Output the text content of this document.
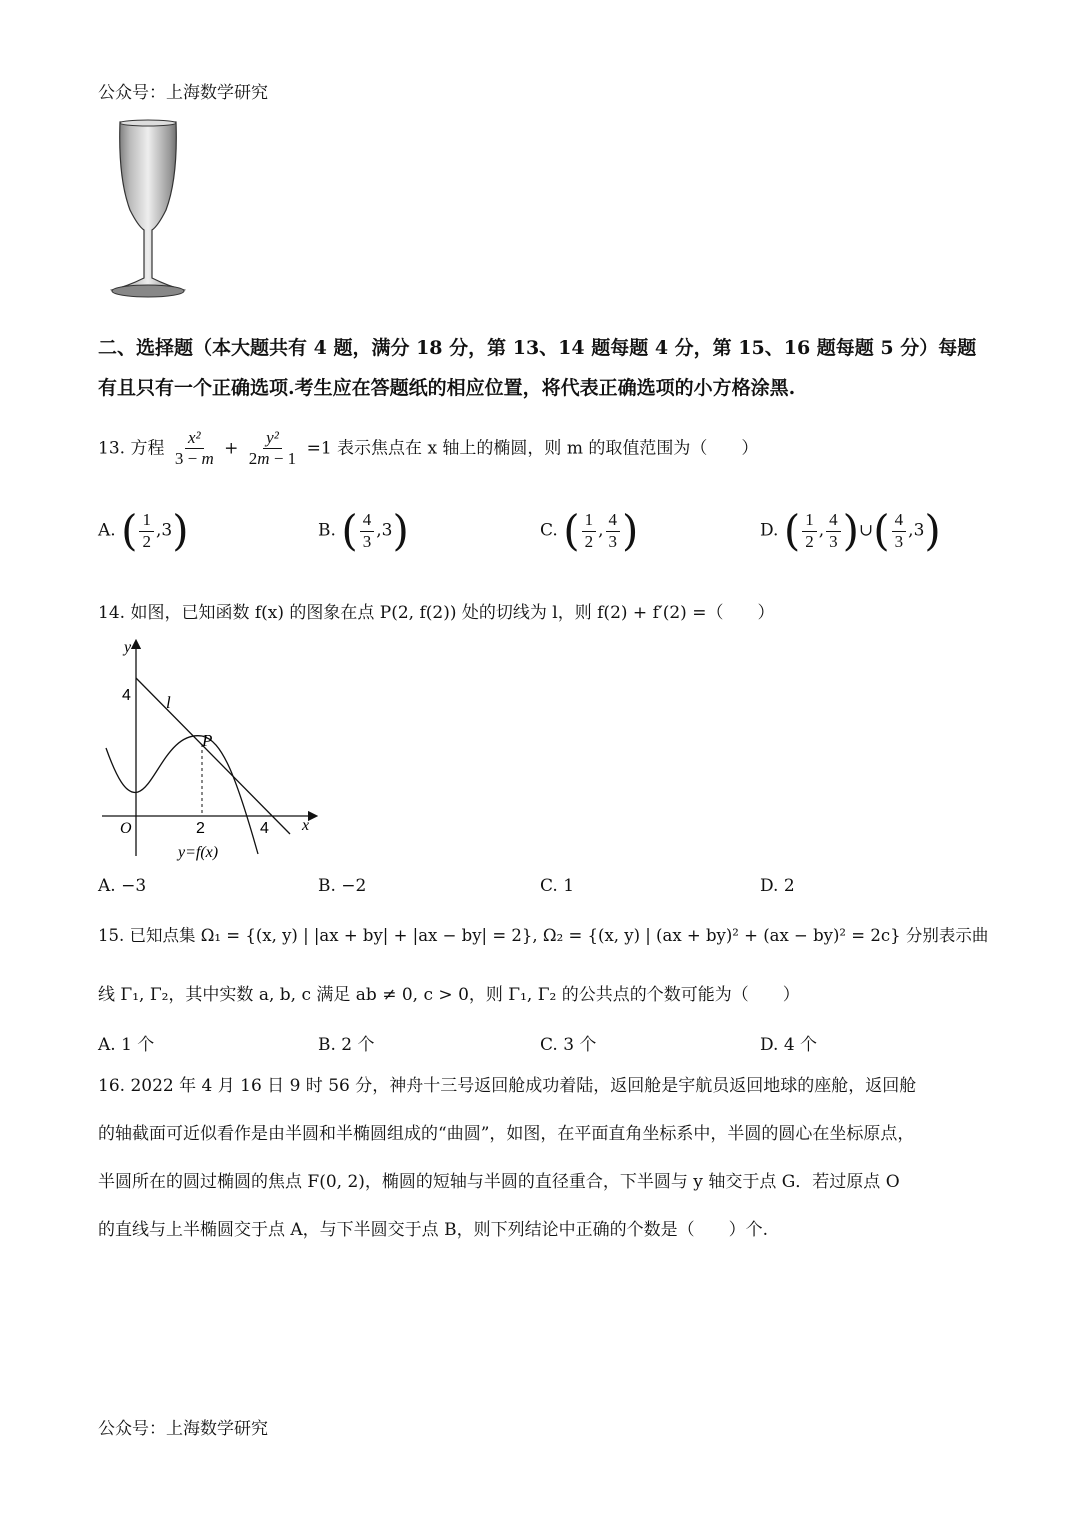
公众号：上海数学研究
二、选择题（本大题共有 4 题，满分 18 分，第 13、14 题每题 4 分，第 15、16 题每题 5 分）每题
有且只有一个正确选项.考生应在答题纸的相应位置，将代表正确选项的小方格涂黑.
13. 方程 $\frac{\text{x²}}{3 - m} + \frac{\text{y²}}{2m - 1} =1$ 表示焦点在 x 轴上的椭圆，则 m 的取值范围为（　　）
A. ( $\frac{1}{2} ,3$)	B. ( $\frac{4}{3} ,3$)	C. ( $\frac{1}{2}$ , $\frac{4}{3}$ )	D. ( $\frac{1}{2}$ , $\frac{4}{3}$ )∪( $\frac{4}{3} ,3$)
14. 如图，已知函数 f(x) 的图象在点 P(2, f(2)) 处的切线为 l，则 f(2) + f′(2) =（　　）
y
x
O
4
2	4
l
P
y=f(x)
A. −3	B. −2	C. 1	D. 2
15. 已知点集 Ω₁ = {(x, y) | |ax + by| + |ax − by| = 2}, Ω₂ = {(x, y) | (ax + by)² + (ax − by)² = 2c} 分别表示曲
线 Γ₁, Γ₂，其中实数 a, b, c 满足 ab ≠ 0, c > 0，则 Γ₁, Γ₂ 的公共点的个数可能为（　　）
A. 1 个	B. 2 个	C. 3 个	D. 4 个

16. 2022 年 4 月 16 日 9 时 56 分，神舟十三号返回舱成功着陆，返回舱是宇航员返回地球的座舱，返回舱

的轴截面可近似看作是由半圆和半椭圆组成的“曲圆”，如图，在平面直角坐标系中，半圆的圆心在坐标原点，

半圆所在的圆过椭圆的焦点 F(0, 2)，椭圆的短轴与半圆的直径重合，下半圆与 y 轴交于点 G．若过原点 O

的直线与上半椭圆交于点 A，与下半圆交于点 B，则下列结论中正确的个数是（　　）个.

公众号：上海数学研究
